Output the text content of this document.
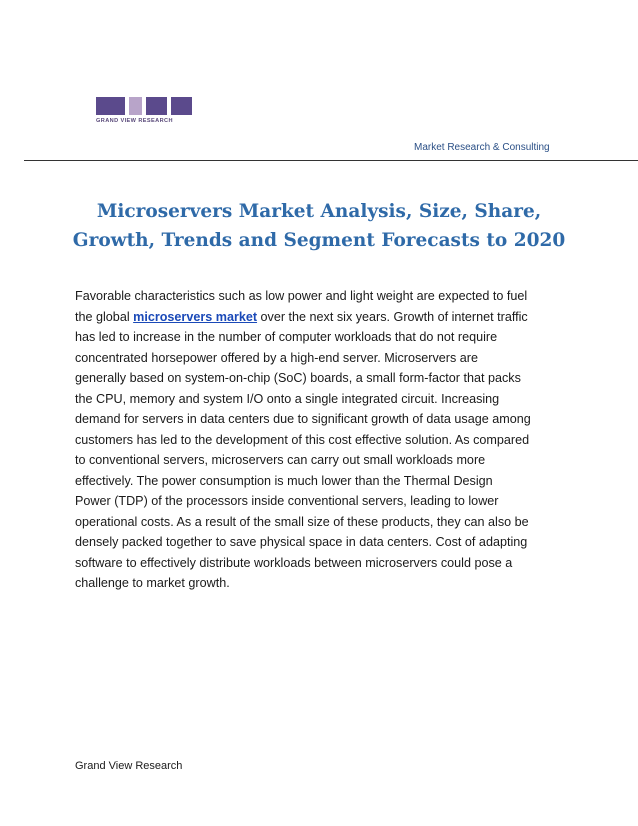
GRAND VIEW RESEARCH
Market Research & Consulting
Microservers Market Analysis, Size, Share, Growth, Trends and Segment Forecasts to 2020

Favorable characteristics such as low power and light weight are expected to fuel
the global microservers market over the next six years. Growth of internet traffic
has led to increase in the number of computer workloads that do not require
concentrated horsepower offered by a high-end server. Microservers are
generally based on system-on-chip (SoC) boards, a small form-factor that packs
the CPU, memory and system I/O onto a single integrated circuit. Increasing
demand for servers in data centers due to significant growth of data usage among
customers has led to the development of this cost effective solution. As compared
to conventional servers, microservers can carry out small workloads more
effectively. The power consumption is much lower than the Thermal Design
Power (TDP) of the processors inside conventional servers, leading to lower
operational costs. As a result of the small size of these products, they can also be
densely packed together to save physical space in data centers. Cost of adapting
software to effectively distribute workloads between microservers could pose a
challenge to market growth.

Grand View Research
